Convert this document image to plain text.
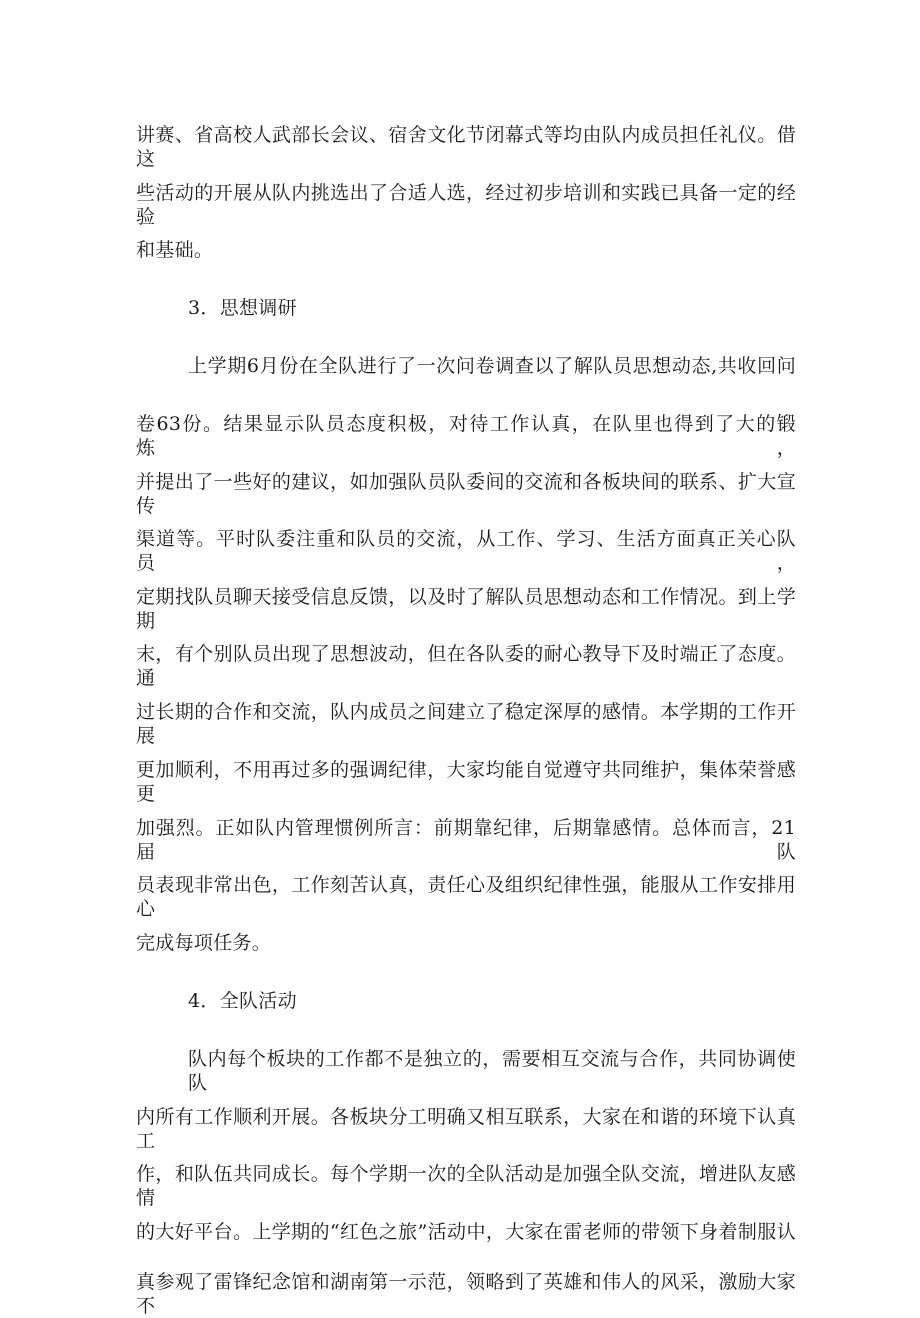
讲赛、省高校人武部长会议、宿舍文化节闭幕式等均由队内成员担任礼仪。借这
些活动的开展从队内挑选出了合适人选，经过初步培训和实践已具备一定的经验
和基础。
3．思想调研
上学期6月份在全队进行了一次问卷调查以了解队员思想动态,共收回问
卷63份。结果显示队员态度积极，对待工作认真，在队里也得到了大的锻炼，
并提出了一些好的建议，如加强队员队委间的交流和各板块间的联系、扩大宣传
渠道等。平时队委注重和队员的交流，从工作、学习、生活方面真正关心队员，
定期找队员聊天接受信息反馈，以及时了解队员思想动态和工作情况。到上学期
末，有个别队员出现了思想波动，但在各队委的耐心教导下及时端正了态度。通
过长期的合作和交流，队内成员之间建立了稳定深厚的感情。本学期的工作开展
更加顺利，不用再过多的强调纪律，大家均能自觉遵守共同维护，集体荣誉感更
加强烈。正如队内管理惯例所言：前期靠纪律，后期靠感情。总体而言，21届队
员表现非常出色，工作刻苦认真，责任心及组织纪律性强，能服从工作安排用心
完成每项任务。
4．全队活动
队内每个板块的工作都不是独立的，需要相互交流与合作，共同协调使队
内所有工作顺利开展。各板块分工明确又相互联系，大家在和谐的环境下认真工
作，和队伍共同成长。每个学期一次的全队活动是加强全队交流，增进队友感情
的大好平台。上学期的“红色之旅”活动中，大家在雷老师的带领下身着制服认
真参观了雷锋纪念馆和湖南第一示范，领略到了英雄和伟人的风采，激励大家不
